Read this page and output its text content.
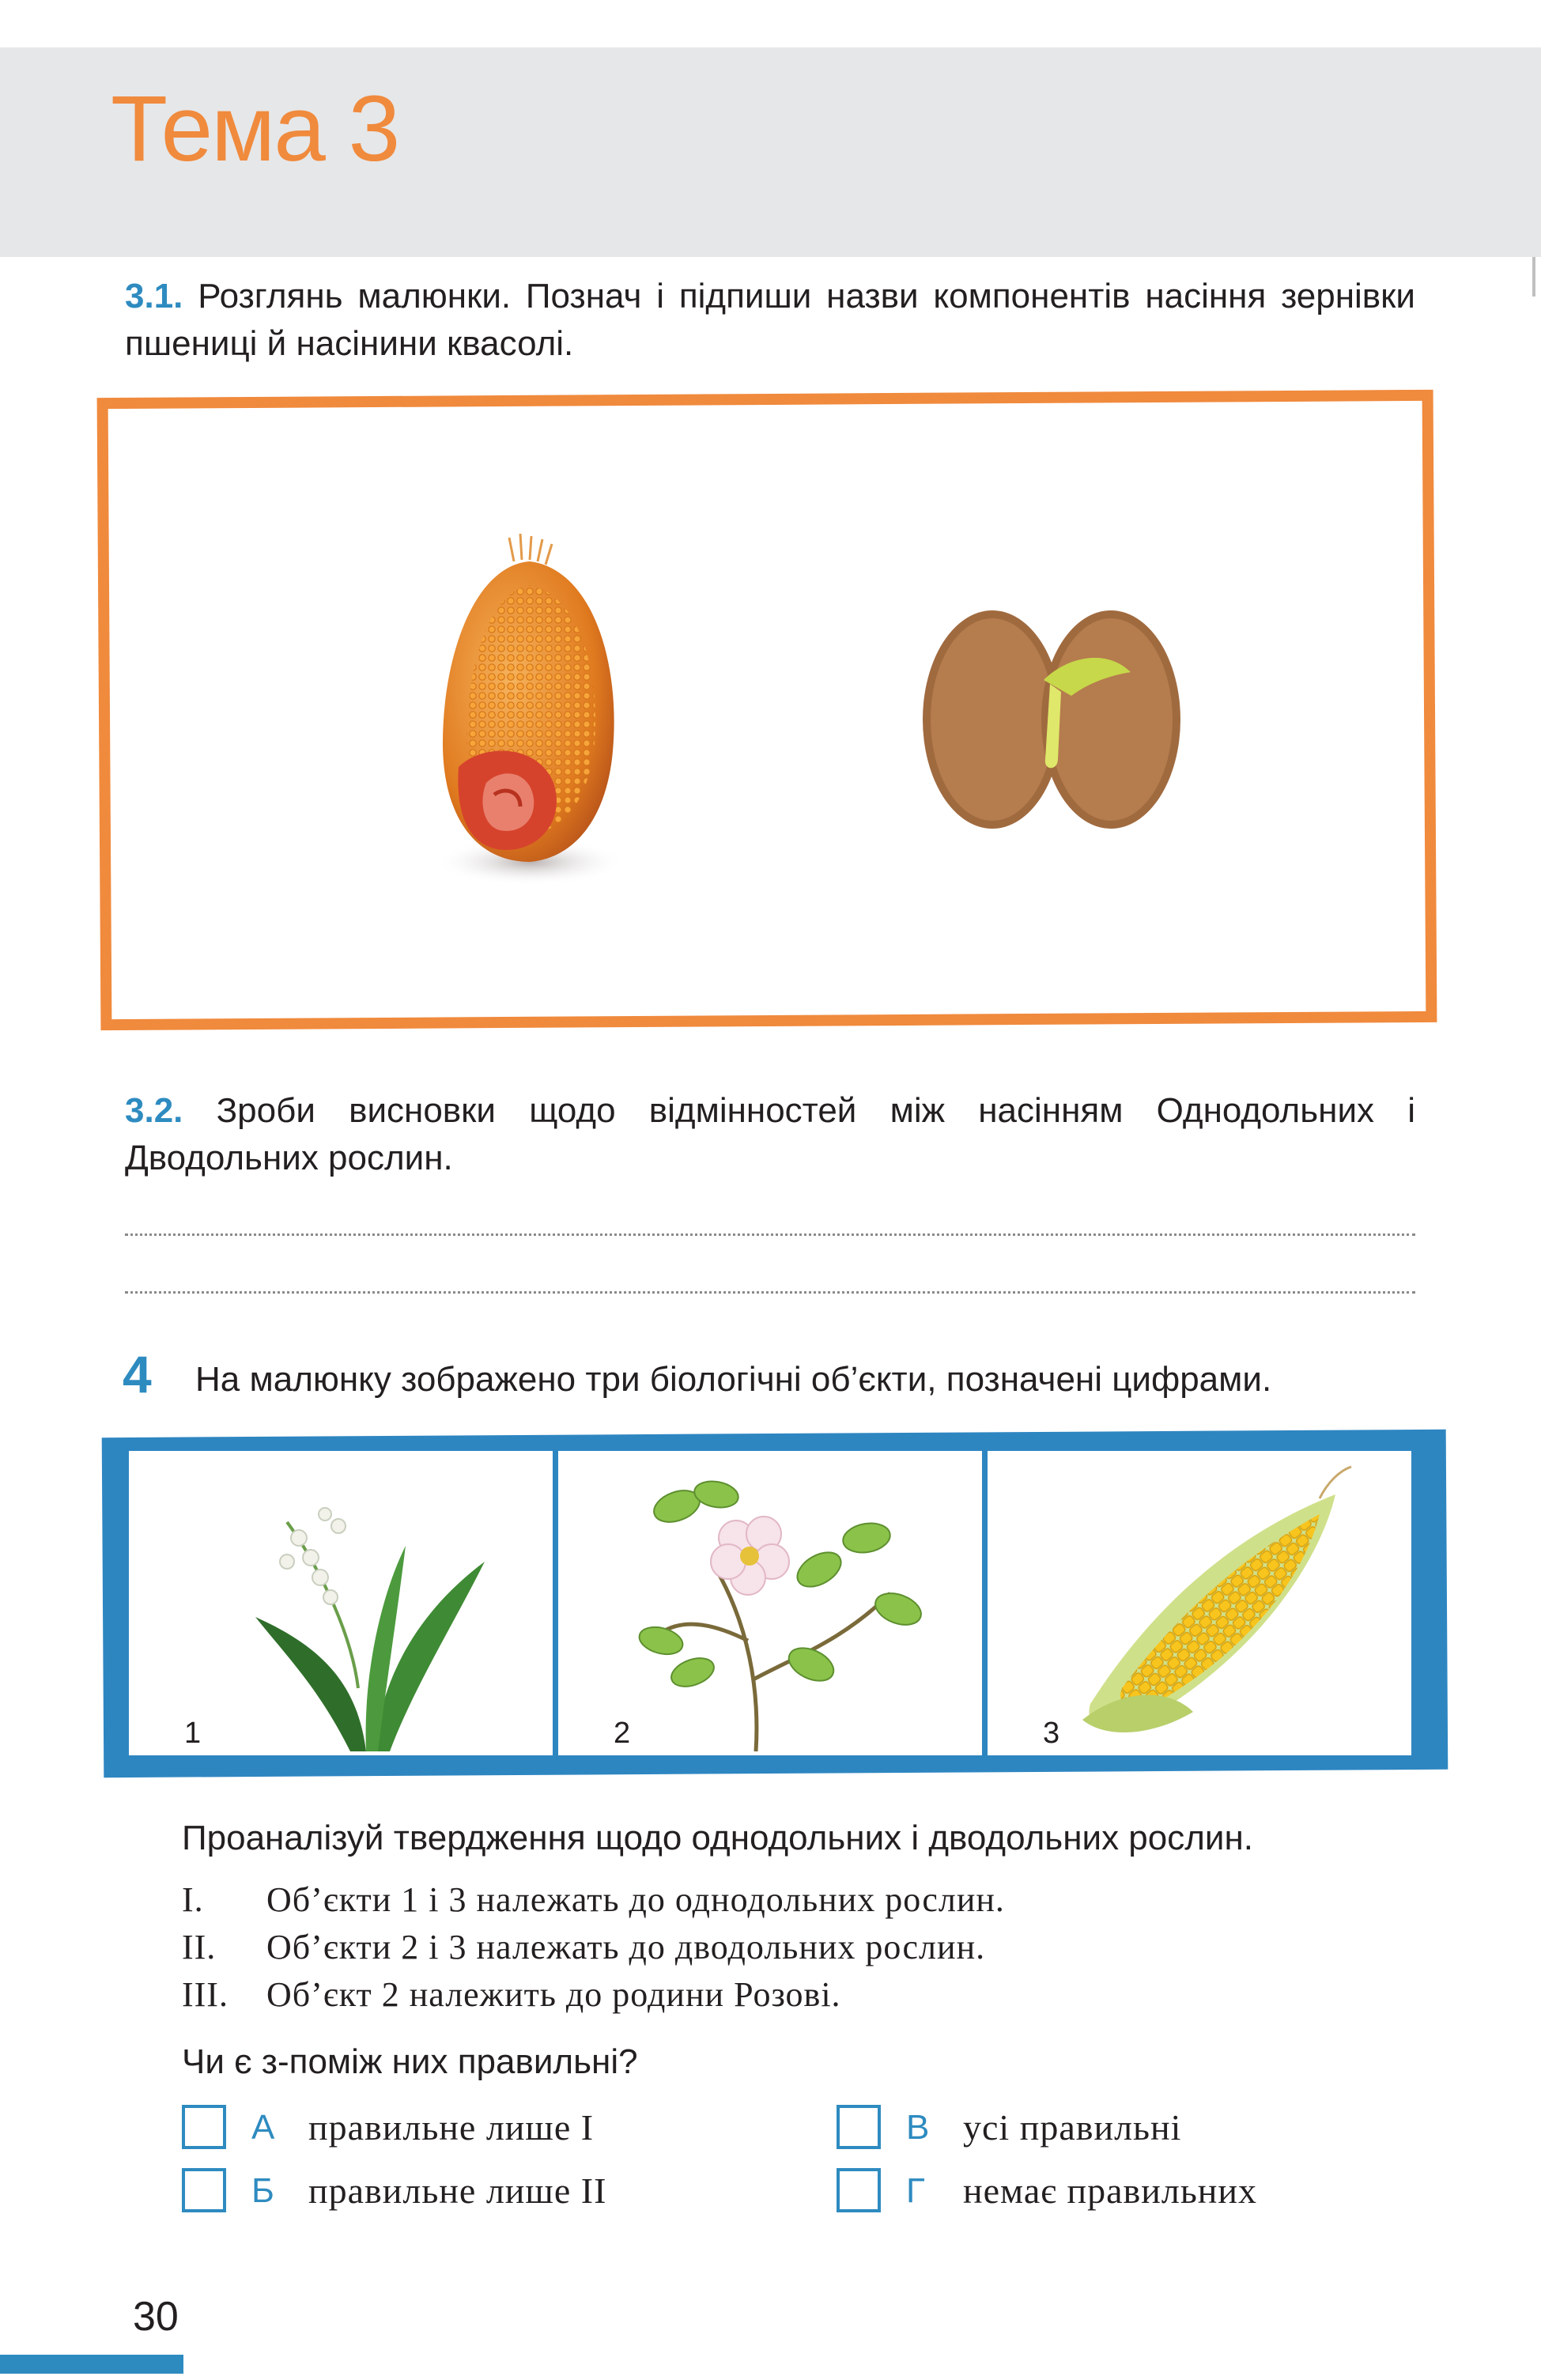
Тема 3

3.1. Розглянь малюнки. Познач і підпиши назви компонентів насіння зернівки пшениці й насінини квасолі.

3.2. Зроби висновки щодо відмінностей між насінням Однодольних і Дводольних рослин.

4 На малюнку зображено три біологічні об’єкти, позначені цифрами.

1	2	3

Проаналізуй твердження щодо однодольних і дводольних рослин.

I. Об’єкти 1 і 3 належать до однодольних рослин.

II. Об’єкти 2 і 3 належать до дводольних рослин.

III. Об’єкт 2 належить до родини Розові.

Чи є з-поміж них правильні?

А правильне лише І
Б правильне лише ІІ
В усі правильні
Г немає правильних

30
